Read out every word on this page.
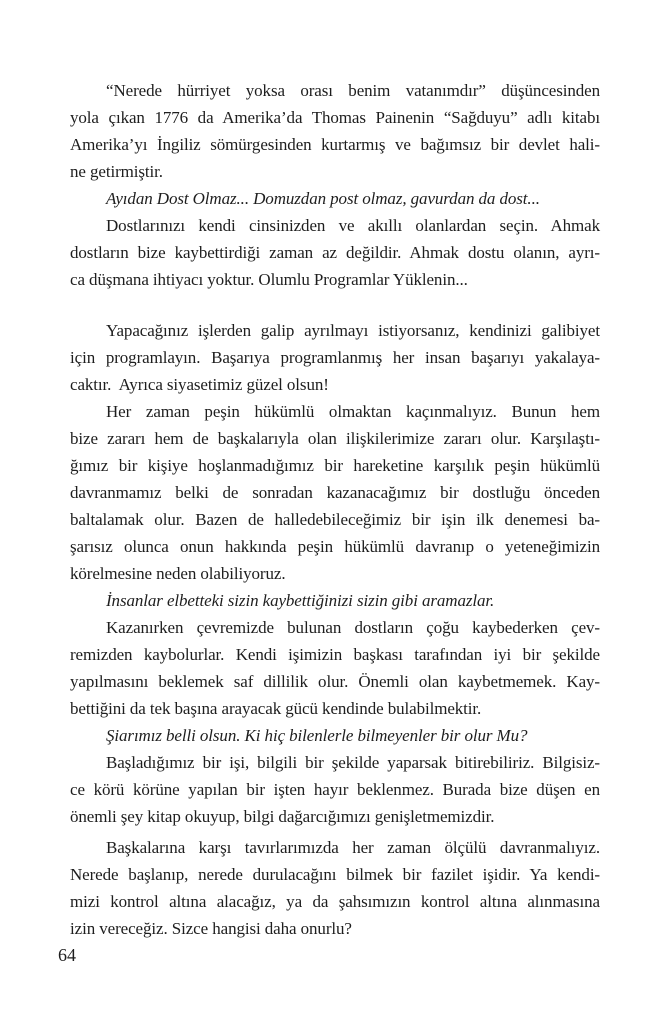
“Nerede hürriyet yoksa orası benim vatanımdır” düşüncesinden
yola çıkan 1776 da Amerika’da Thomas Painenin “Sağduyu” adlı kitabı
Amerika’yı İngiliz sömürgesinden kurtarmış ve bağımsız bir devlet hali-
ne getirmiştir.
Ayıdan Dost Olmaz... Domuzdan post olmaz, gavurdan da dost...
Dostlarınızı kendi cinsinizden ve akıllı olanlardan seçin. Ahmak
dostların bize kaybettirdiği zaman az değildir. Ahmak dostu olanın, ayrı-
ca düşmana ihtiyacı yoktur. Olumlu Programlar Yüklenin...
Yapacağınız işlerden galip ayrılmayı istiyorsanız, kendinizi galibiyet
için programlayın. Başarıya programlanmış her insan başarıyı yakalaya-
caktır.  Ayrıca siyasetimiz güzel olsun!
Her zaman peşin hükümlü olmaktan kaçınmalıyız. Bunun hem
bize zararı hem de başkalarıyla olan ilişkilerimize zararı olur. Karşılaştı-
ğımız bir kişiye hoşlanmadığımız bir hareketine karşılık peşin hükümlü
davranmamız belki de sonradan kazanacağımız bir dostluğu önceden
baltalamak olur. Bazen de halledebileceğimiz bir işin ilk denemesi ba-
şarısız olunca onun hakkında peşin hükümlü davranıp o yeteneğimizin
körelmesine neden olabiliyoruz.
İnsanlar elbetteki sizin kaybettiğinizi sizin gibi aramazlar.
Kazanırken çevremizde bulunan dostların çoğu kaybederken çev-
remizden kaybolurlar. Kendi işimizin başkası tarafından iyi bir şekilde
yapılmasını beklemek saf dillilik olur. Önemli olan kaybetmemek. Kay-
bettiğini da tek başına arayacak gücü kendinde bulabilmektir.
Şiarımız belli olsun. Ki hiç bilenlerle bilmeyenler bir olur Mu?
Başladığımız bir işi, bilgili bir şekilde yaparsak bitirebiliriz. Bilgisiz-
ce körü körüne yapılan bir işten hayır beklenmez. Burada bize düşen en
önemli şey kitap okuyup, bilgi dağarcığımızı genişletmemizdir.
Başkalarına karşı tavırlarımızda her zaman ölçülü davranmalıyız.
Nerede başlanıp, nerede durulacağını bilmek bir fazilet işidir. Ya kendi-
mizi kontrol altına alacağız, ya da şahsımızın kontrol altına alınmasına
izin vereceğiz. Sizce hangisi daha onurlu?
64
